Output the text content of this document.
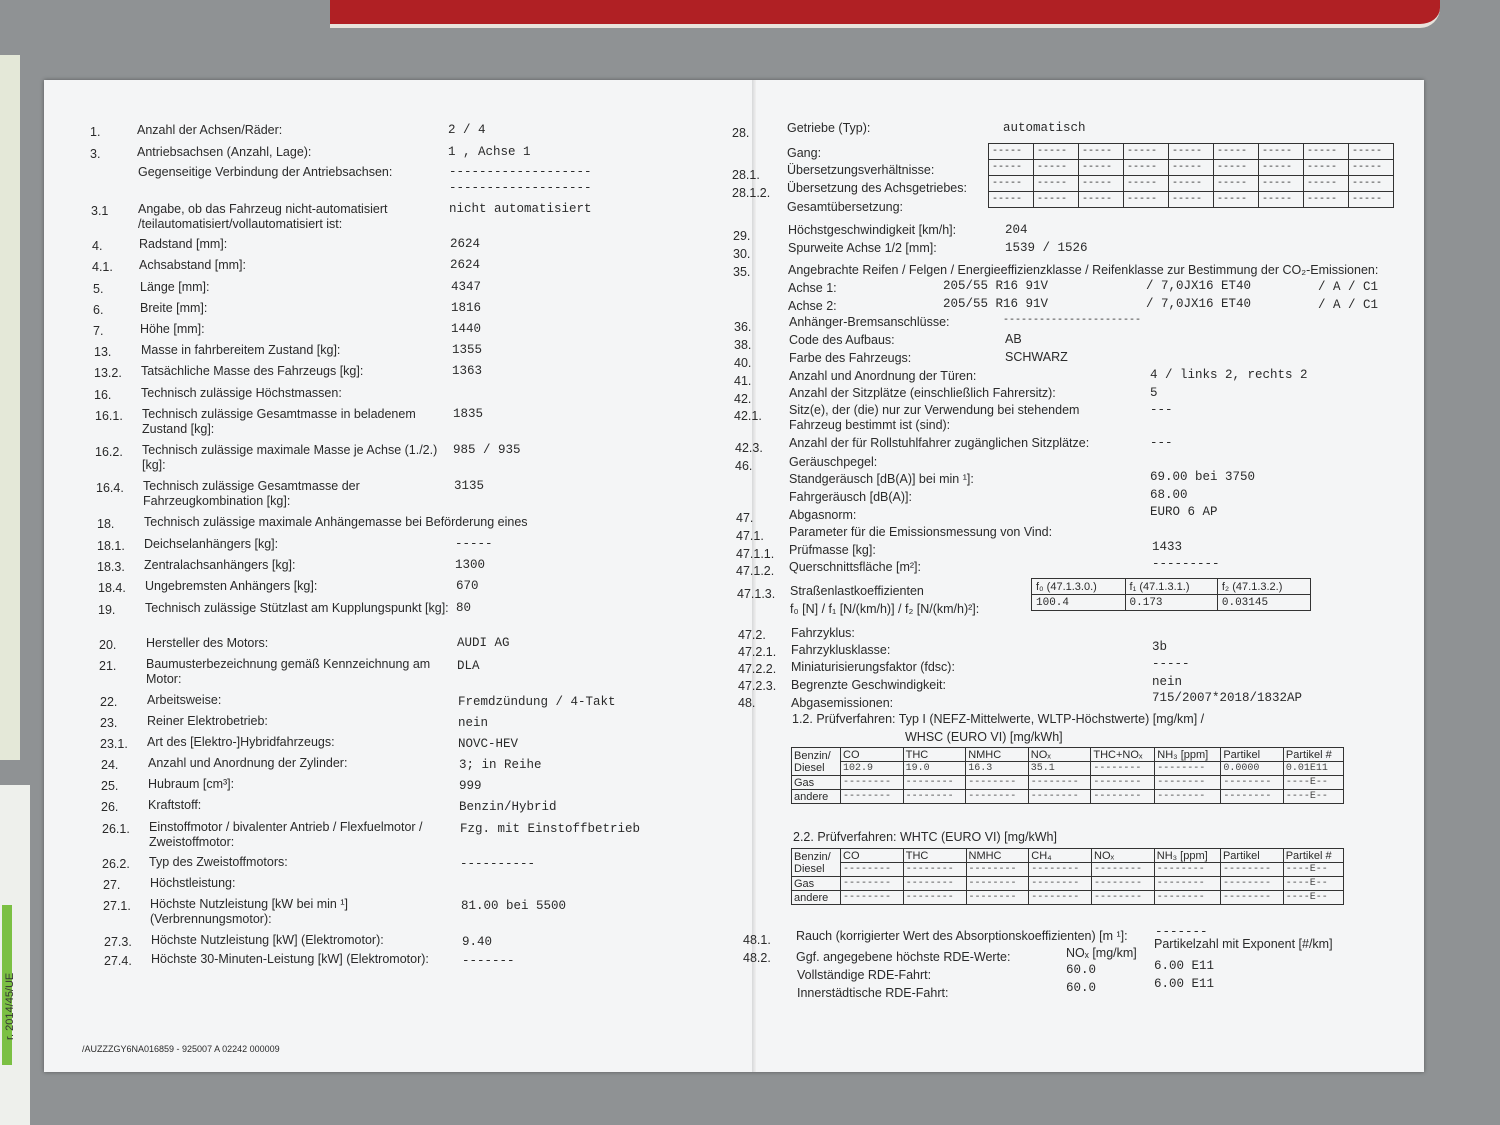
r. 2014/45/UE
1.	Anzahl der Achsen/Räder:	2 / 4
3.	Antriebsachsen (Anzahl, Lage):	1 , Achse 1
Gegenseitige Verbindung der Antriebsachsen:	-------------------
-------------------
3.1 Angabe, ob das Fahrzeug nicht-automatisiert /teilautomatisiert/vollautomatisiert ist:
nicht automatisiert
4.	Radstand [mm]:	2624
4.1. Achsabstand [mm]:	2624
5.	Länge [mm]:	4347
6.	Breite [mm]:	1816
7.	Höhe [mm]:	1440
13. Masse in fahrbereitem Zustand [kg]:	1355
13.2. Tatsächliche Masse des Fahrzeugs [kg]:	1363
16. Technisch zulässige Höchstmassen:
16.1. Technisch zulässige Gesamtmasse in beladenem Zustand [kg]:
1835
16.2. Technisch zulässige maximale Masse je Achse (1./2.) [kg]:
985 / 935
16.4. Technisch zulässige Gesamtmasse der Fahrzeugkombination [kg]:
3135
18. Technisch zulässige maximale Anhängemasse bei Beförderung eines
18.1. Deichselanhängers [kg]:	-----
18.3. Zentralachsanhängers [kg]:	1300
18.4. Ungebremsten Anhängers [kg]:	670
19. Technisch zulässige Stützlast am Kupplungspunkt [kg]: 80
20. Hersteller des Motors:	AUDI AG
21. Baumusterbezeichnung gemäß Kennzeichnung am Motor:
DLA
22. Arbeitsweise:	Fremdzündung / 4-Takt
23. Reiner Elektrobetrieb:	nein
23.1. Art des [Elektro-]Hybridfahrzeugs:	NOVC-HEV
24. Anzahl und Anordnung der Zylinder:	3; in Reihe
25. Hubraum [cm³]:	999
26. Kraftstoff:	Benzin/Hybrid
26.1. Einstoffmotor / bivalenter Antrieb / Flexfuelmotor / Zweistoffmotor:
Fzg. mit Einstoffbetrieb
26.2. Typ des Zweistoffmotors:	----------
27. Höchstleistung:
27.1. Höchste Nutzleistung [kW bei min ¹] (Verbrennungsmotor):
81.00 bei 5500
27.3. Höchste Nutzleistung [kW] (Elektromotor):	9.40
27.4. Höchste 30-Minuten-Leistung [kW] (Elektromotor):	-------
/AUZZZGY6NA016859 - 925007 A 02242 000009
28.	Getriebe (Typ):	automatisch
Gang:
28.1. Übersetzungsverhältnisse:
28.1.2. Übersetzung des Achsgetriebes:
Gesamtübersetzung:
-----	-----	-----	-----	-----	-----	-----	-----	-----
-----	-----	-----	-----	-----	-----	-----	-----	-----
-----	-----	-----	-----	-----	-----	-----	-----	-----
-----	-----	-----	-----	-----	-----	-----	-----	-----
29.	Höchstgeschwindigkeit [km/h]:	204
30.	Spurweite Achse 1/2 [mm]:	1539 / 1526
35.	Angebrachte Reifen / Felgen / Energieeffizienzklasse / Reifenklasse zur Bestimmung der CO₂-Emissionen:
Achse 1:	205/55 R16 91V	/ 7,0JX16 ET40	/ A / C1
Achse 2:	205/55 R16 91V	/ 7,0JX16 ET40	/ A / C1
36.	Anhänger-Bremsanschlüsse:	-----------------------
38.	Code des Aufbaus:	AB
40.	Farbe des Fahrzeugs:	SCHWARZ
41.	Anzahl und Anordnung der Türen:	4 / links 2, rechts 2
42.	Anzahl der Sitzplätze (einschließlich Fahrersitz):	5
42.1. Sitz(e), der (die) nur zur Verwendung bei stehendem Fahrzeug bestimmt ist (sind):
---
42.3. Anzahl der für Rollstuhlfahrer zugänglichen Sitzplätze:	---
46.	Geräuschpegel:
Standgeräusch [dB(A)] bei min ¹]:	69.00 bei 3750
Fahrgeräusch [dB(A)]:	68.00
47.	Abgasnorm:	EURO 6 AP
47.1. Parameter für die Emissionsmessung von Vind:
47.1.1. Prüfmasse [kg]:	1433
47.1.2. Querschnittsfläche [m²]:	---------
47.1.3. Straßenlastkoeffizienten
f₀ [N] / f₁ [N/(km/h)] / f₂ [N/(km/h)²]:
f₀ (47.1.3.0.)	f₁ (47.1.3.1.)	f₂ (47.1.3.2.)
100.4	0.173	0.03145
47.2. Fahrzyklus:
47.2.1. Fahrzyklusklasse:	3b
47.2.2. Miniaturisierungsfaktor (fdsc):	-----
47.2.3. Begrenzte Geschwindigkeit:	nein
48.	Abgasemissionen:	715/2007*2018/1832AP
1.2. Prüfverfahren: Typ I (NEFZ-Mittelwerte, WLTP-Höchstwerte) [mg/km] /
WHSC (EURO VI) [mg/kWh]
Benzin/ Diesel	CO	THC	NMHC	NOₓ	THC+NOₓ	NH₃ [ppm]	Partikel	Partikel #
	102.9	19.0	16.3	35.1	--------	--------	0.0000	0.01E11
Gas	--------	--------	--------	--------	--------	--------	--------	----E--
andere	--------	--------	--------	--------	--------	--------	--------	----E--
2.2. Prüfverfahren: WHTC (EURO VI) [mg/kWh]
Benzin/ Diesel	CO	THC	NMHC	CH₄	NOₓ	NH₃ [ppm]	Partikel	Partikel #
	--------	--------	--------	--------	--------	--------	--------	----E--
Gas	--------	--------	--------	--------	--------	--------	--------	----E--
andere	--------	--------	--------	--------	--------	--------	--------	----E--
48.1. Rauch (korrigierter Wert des Absorptionskoeffizienten) [m ¹]: -------
48.2. Ggf. angegebene höchste RDE-Werte:	NOₓ [mg/km]
Partikelzahl mit Exponent [#/km]
Vollständige RDE-Fahrt:	60.0	6.00 E11
Innerstädtische RDE-Fahrt:	60.0	6.00 E11
